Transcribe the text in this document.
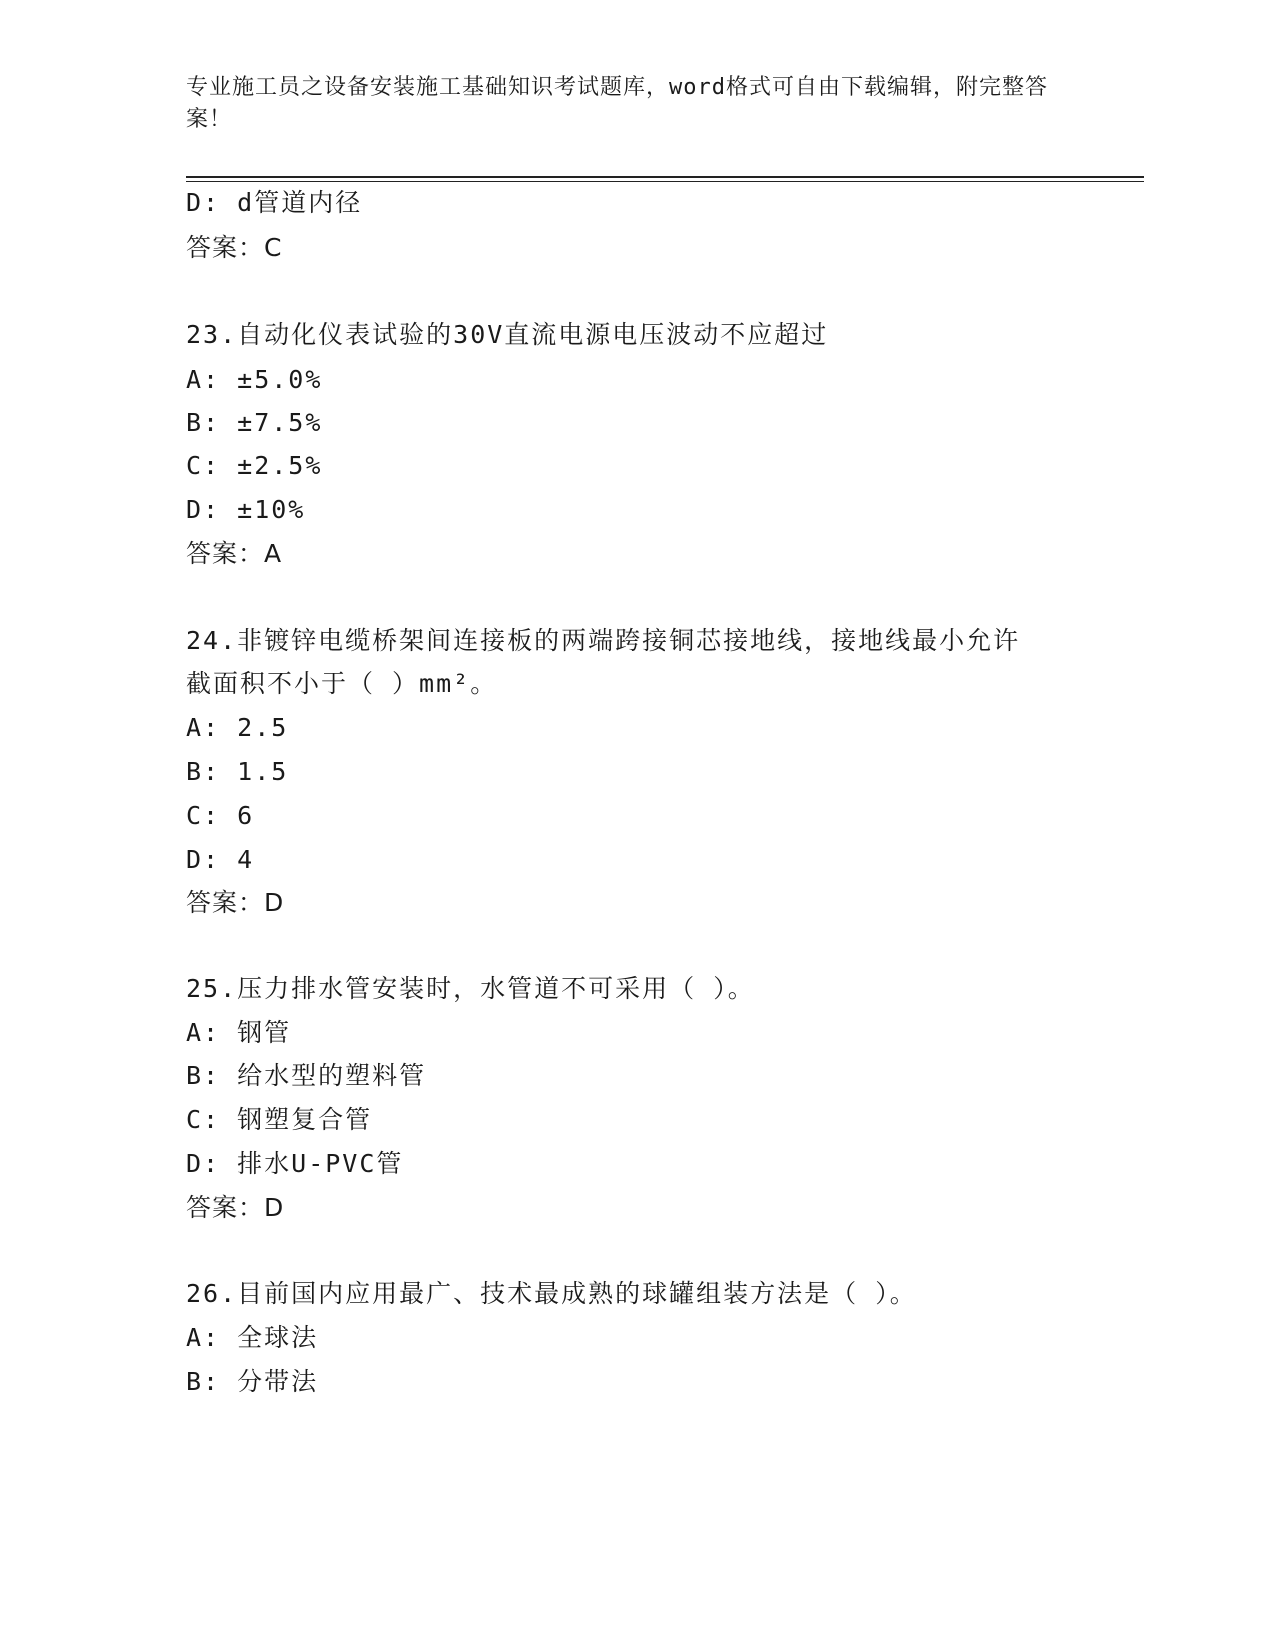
专业施工员之设备安装施工基础知识考试题库，word格式可自由下载编辑，附完整答案！
D: d管道内径
答案：C
23.自动化仪表试验的30V直流电源电压波动不应超过
A: ±5.0%
B: ±7.5%
C: ±2.5%
D: ±10%
答案：A
24.非镀锌电缆桥架间连接板的两端跨接铜芯接地线，接地线最小允许
截面积不小于（ ）mm²。
A: 2.5
B: 1.5
C: 6
D: 4
答案：D
25.压力排水管安装时，水管道不可采用（ ）。
A: 钢管
B: 给水型的塑料管
C: 钢塑复合管
D: 排水U-PVC管
答案：D
26.目前国内应用最广、技术最成熟的球罐组装方法是（ ）。
A: 全球法
B: 分带法
